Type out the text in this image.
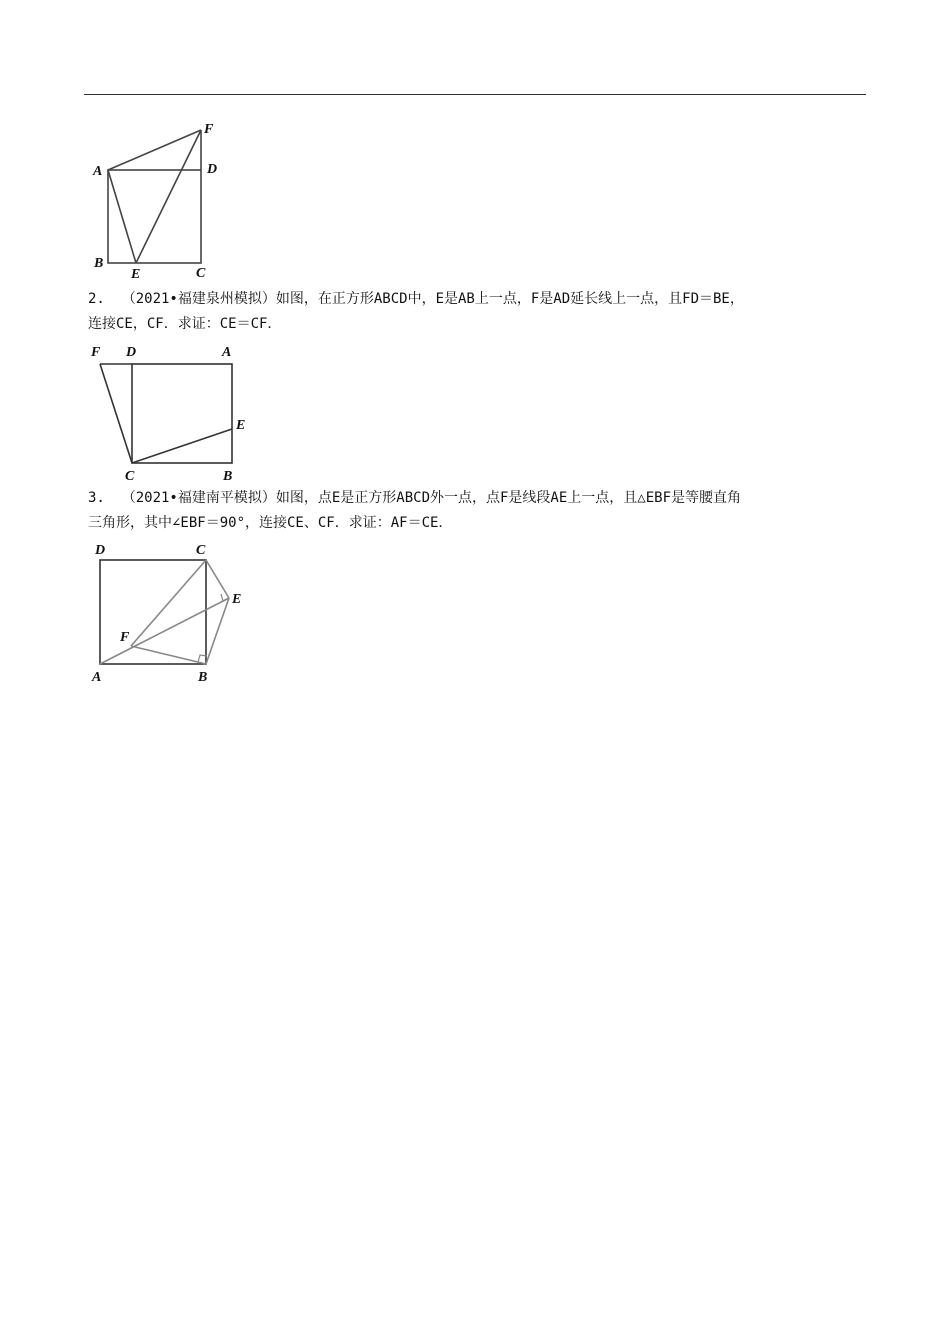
F
A	D
B
E	C

2. （2021•福建泉州模拟）如图，在正方形ABCD中，E是AB上一点，F是AD延长线上一点，且FD＝BE，

连接CE，CF．求证：CE＝CF．

F D	A
E
C	B

3. （2021•福建南平模拟）如图，点E是正方形ABCD外一点，点F是线段AE上一点，且△EBF是等腰直角

三角形，其中∠EBF＝90°，连接CE、CF．求证：AF＝CE．

D	C
E
F
A	B
